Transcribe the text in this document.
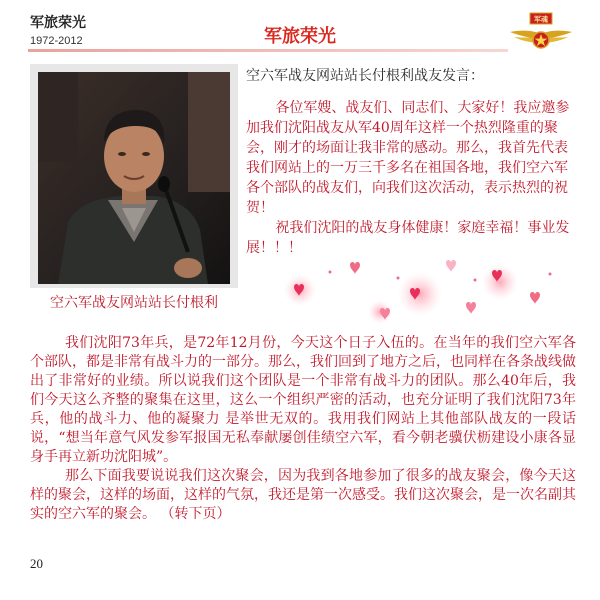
军旅荣光
1972-2012	军旅荣光
军魂
空六军战友网站站长付根利
空六军战友网站站长付根利战友发言：

各位军嫂、战友们、同志们、大家好！我应邀参加我们沈阳战友从军40周年这样一个热烈隆重的聚会，刚才的场面让我非常的感动。那么，我首先代表我们网站上的一万三千多名在祖国各地，我们空六军各个部队的战友们，向我们这次活动，表示热烈的祝贺！

祝我们沈阳的战友身体健康！家庭幸福！事业发展！！！

我们沈阳73年兵，是72年12月份，今天这个日子入伍的。在当年的我们空六军各个部队，都是非常有战斗力的一部分。那么，我们回到了地方之后，也同样在各条战线做出了非常好的业绩。所以说我们这个团队是一个非常有战斗力的团队。那么40年后，我们今天这么齐整的聚集在这里，这么一个组织严密的活动，也充分证明了我们沈阳73年兵，他的战斗力、他的凝聚力 是举世无双的。我用我们网站上其他部队战友的一段话说，“想当年意气风发参军报国无私奉献屡创佳绩空六军，看今朝老骥伏枥建设小康各显身手再立新功沈阳城”。

那么下面我要说说我们这次聚会，因为我到各地参加了很多的战友聚会，像今天这样的聚会，这样的场面，这样的气氛，我还是第一次感受。我们这次聚会，是一次名副其实的空六军的聚会。 （转下页）

20
